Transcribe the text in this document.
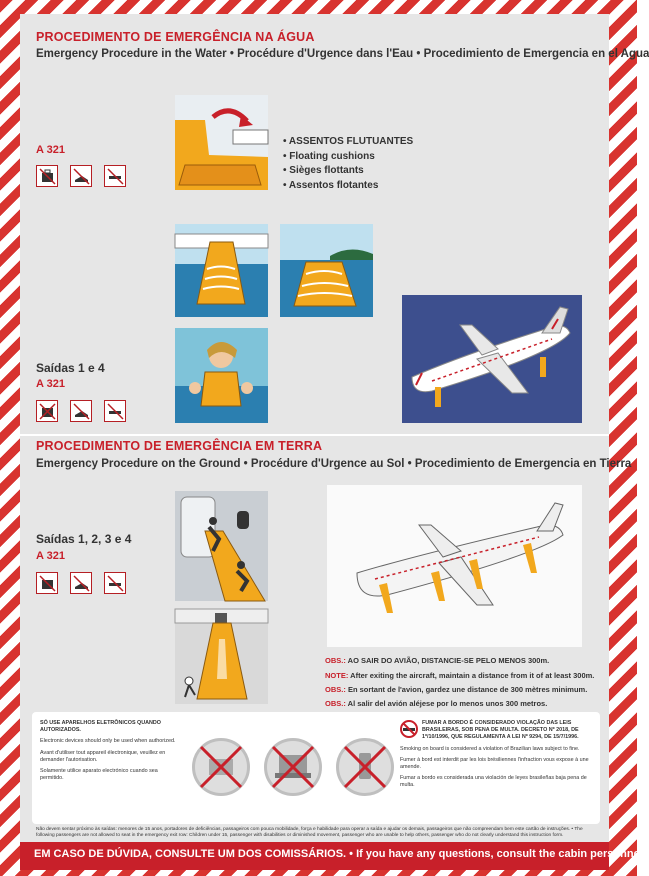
PROCEDIMENTO DE EMERGÊNCIA NA ÁGUA
Emergency Procedure in the Water • Procédure d'Urgence dans l'Eau • Procedimiento de Emergencia en el Agua
A 321
• ASSENTOS FLUTUANTES
• Floating cushions
• Sièges flottants
• Assentos flotantes
Saídas 1 e 4
A 321
PROCEDIMENTO DE EMERGÊNCIA EM TERRA
Emergency Procedure on the Ground • Procédure d'Urgence au Sol • Procedimiento de Emergencia en Tierra
Saídas 1, 2, 3 e 4
A 321
OBS.: AO SAIR DO AVIÃO, DISTANCIE-SE PELO MENOS 300m.
NOTE: After exiting the aircraft, maintain a distance from it of at least 300m.
OBS.: En sortant de l'avion, gardez une distance de 300 mètres minimum.
OBS.: Al salir del avión aléjese por lo menos unos 300 metros.

SÓ USE APARELHOS ELETRÔNICOS QUANDO AUTORIZADOS.

Electronic devices should only be used when authorized.

Avant d'utiliser tout appareil électronique, veuillez en demander l'autorisation.

Solamente utilice aparato electrónico cuando sea permitido.

FUMAR A BORDO É CONSIDERADO VIOLAÇÃO DAS LEIS BRASILEIRAS, SOB PENA DE MULTA. DECRETO Nº 2018, DE 1º/10/1996, QUE REGULAMENTA A LEI Nº 9294, DE 15/7/1996.

Smoking on board is considered a violation of Brazilian laws subject to fine.

Fumer à bord est interdit par les lois brésiliennes l'infraction vous expose à une amende.

Fumar a bordo es considerada una violación de leyes brasileñas baja pena de multa.

Não devem sentar próximo às saídas: menores de 15 anos, portadores de deficiências, passageiros com pouca mobilidade, força e habilidade para operar a saída e ajudar os demais, passageiros que não compreendam bem este cartão de instruções. • The following passengers are not allowed to seat in the emergency exit row: Children under 15, passenger with disabilities or diminished movement, passenger who are unable to help others, passenger who do not clearly understand this instruction form.
EM CASO DE DÚVIDA, CONSULTE UM DOS COMISSÁRIOS. • If you have any questions, consult the cabin personnel.
